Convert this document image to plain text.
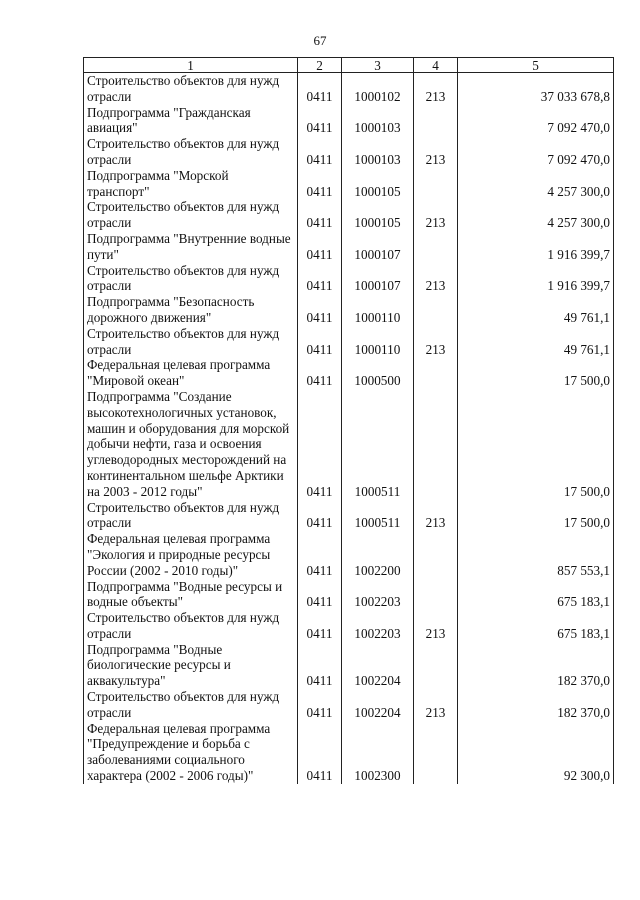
67
1	2	3	4	5
Строительство объектов для нужд отрасли	0411	1000102	213	37 033 678,8
Подпрограмма "Гражданская авиация"	0411	1000103		7 092 470,0
Строительство объектов для нужд отрасли	0411	1000103	213	7 092 470,0
Подпрограмма "Морской транспорт"	0411	1000105		4 257 300,0
Строительство объектов для нужд отрасли	0411	1000105	213	4 257 300,0
Подпрограмма "Внутренние водные пути"	0411	1000107		1 916 399,7
Строительство объектов для нужд отрасли	0411	1000107	213	1 916 399,7
Подпрограмма "Безопасность дорожного движения"	0411	1000110		49 761,1
Строительство объектов для нужд отрасли	0411	1000110	213	49 761,1
Федеральная целевая программа "Мировой океан"	0411	1000500		17 500,0
Подпрограмма "Создание высокотехнологичных установок, машин и оборудования для морской добычи нефти, газа и освоения углеводородных месторождений на континентальном шельфе Арктики на 2003 - 2012 годы"	0411	1000511		17 500,0
Строительство объектов для нужд отрасли	0411	1000511	213	17 500,0
Федеральная целевая программа "Экология и природные ресурсы России (2002 - 2010 годы)"	0411	1002200		857 553,1
Подпрограмма "Водные ресурсы и водные объекты"	0411	1002203		675 183,1
Строительство объектов для нужд отрасли	0411	1002203	213	675 183,1
Подпрограмма "Водные биологические ресурсы и аквакультура"	0411	1002204		182 370,0
Строительство объектов для нужд отрасли	0411	1002204	213	182 370,0
Федеральная целевая программа "Предупреждение и борьба с заболеваниями социального характера (2002 - 2006 годы)"	0411	1002300		92 300,0
